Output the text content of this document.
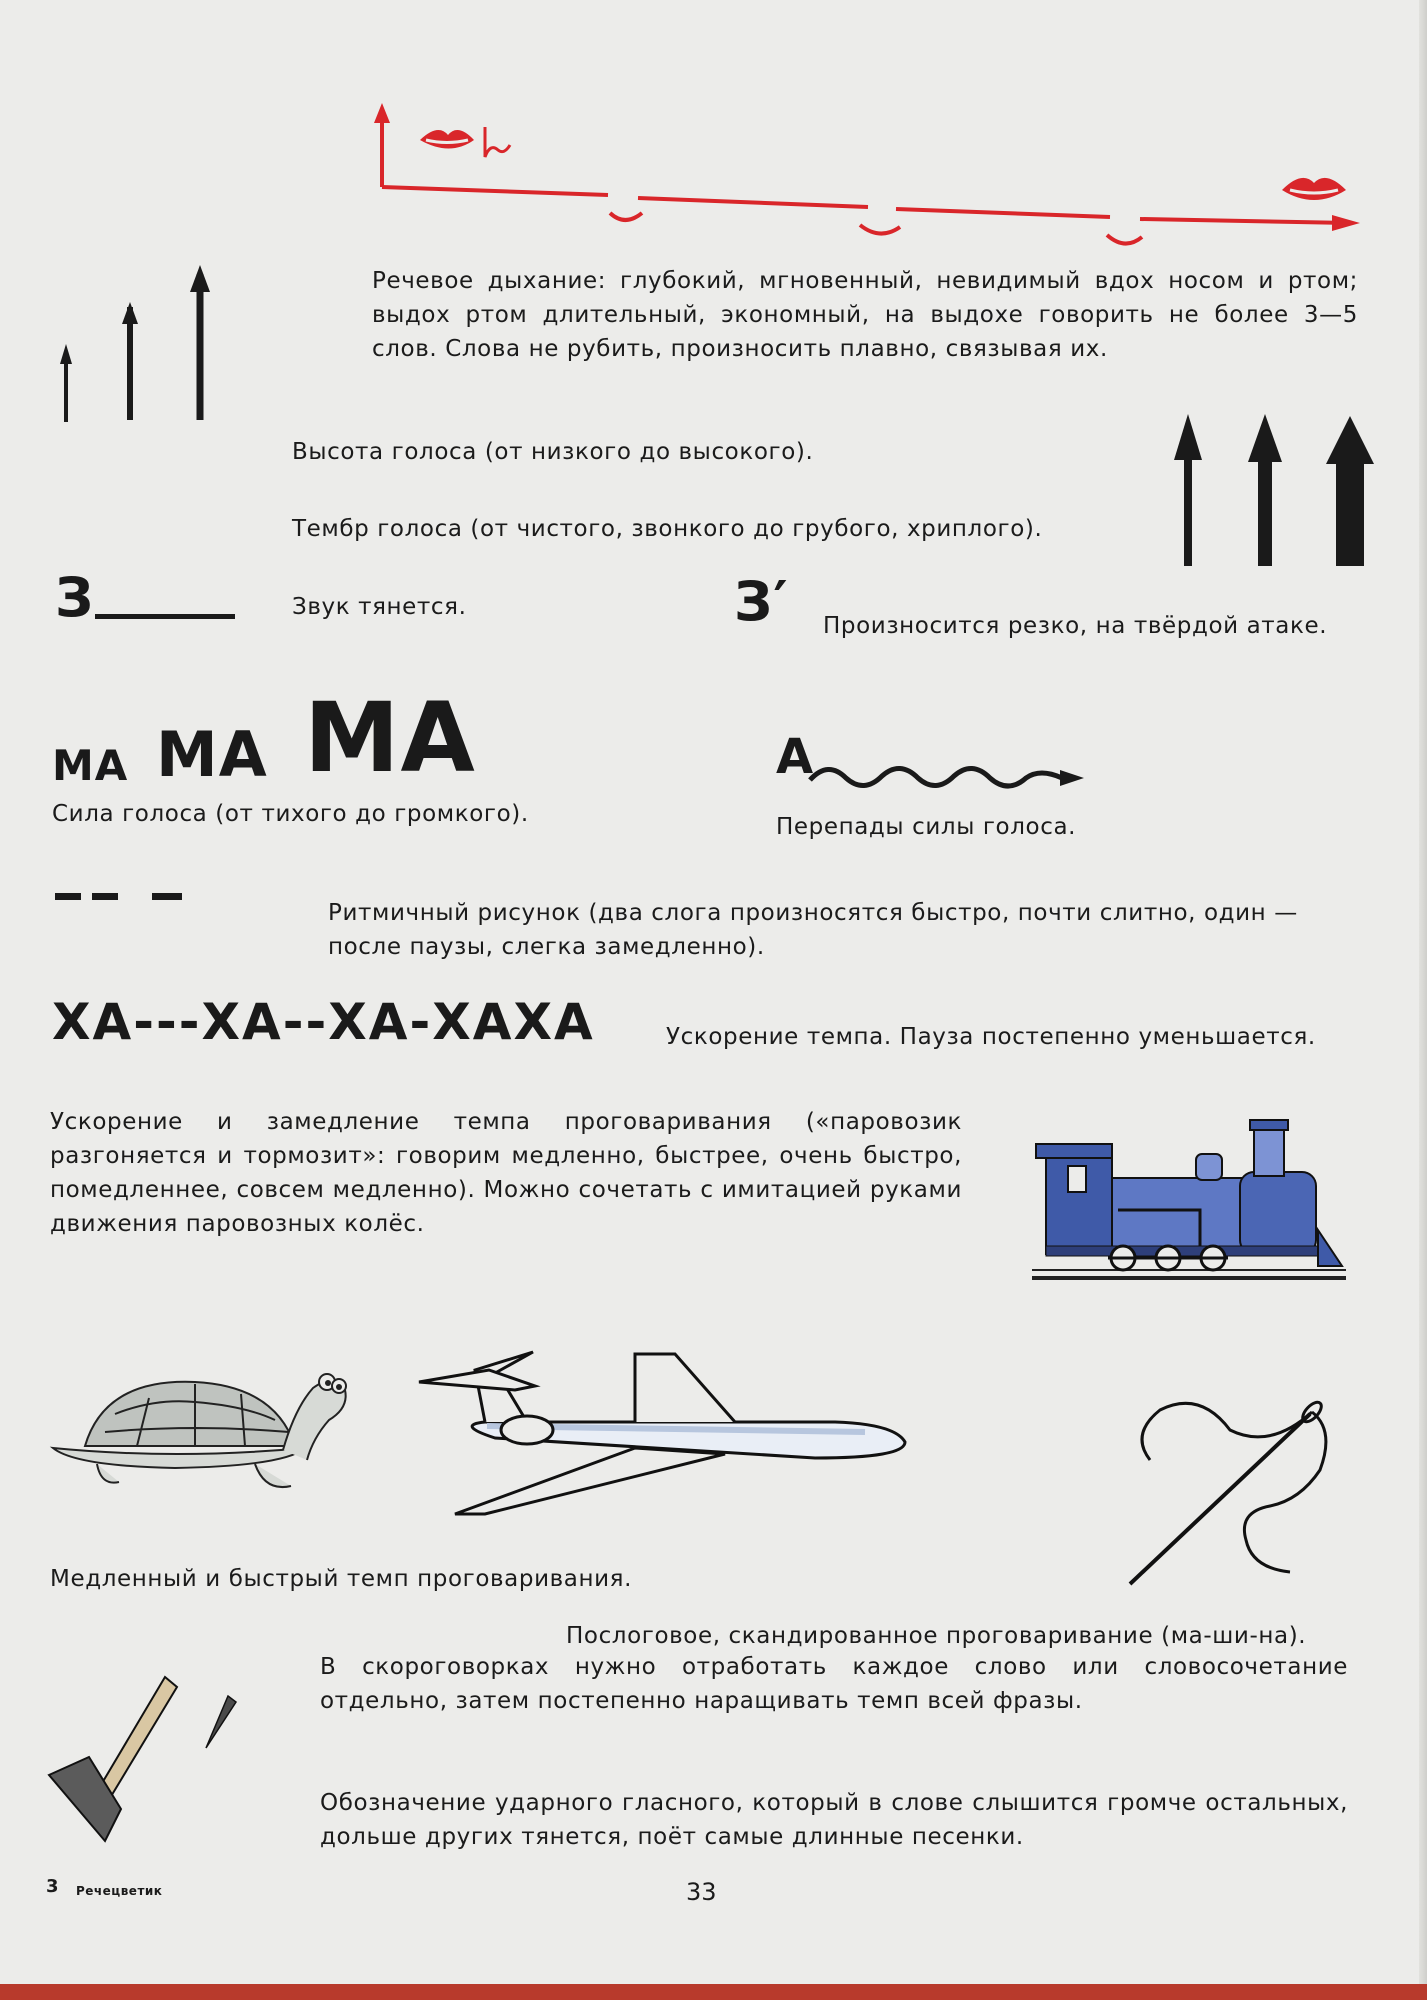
Речевое дыхание: глубокий, мгновенный, невидимый вдох носом и ртом; выдох ртом длительный, экономный, на выдохе говорить не более 3—5 слов. Слова не рубить, произносить плавно, связывая их.
Высота голоса (от низкого до высокого).
Тембр голоса (от чистого, звонкого до грубого, хриплого).
З	Звук тянется.	З′ Произносится резко, на твёрдой атаке.
МА МА МА
Сила голоса (от тихого до громкого).
А
Перепады силы голоса.
Ритмичный рисунок (два слога произносятся быстро, почти слитно, один — после паузы, слегка замедленно).
ХА---ХА--ХА-ХАХА	Ускорение темпа. Пауза постепенно уменьшается.
Ускорение и замедление темпа проговаривания («паровозик разгоняется и тормозит»: говорим медленно, быстрее, очень быстро, помедленнее, совсем медленно). Можно сочетать с имитацией руками движения паровозных колёс.
Медленный и быстрый темп проговаривания.
Послоговое, скандированное проговаривание (ма-ши-на).
В скороговорках нужно отработать каждое слово или словосочетание отдельно, затем постепенно наращивать темп всей фразы.
Обозначение ударного гласного, который в слове слышится громче остальных, дольше других тянется, поёт самые длинные песенки.
3 Речецветик	33
